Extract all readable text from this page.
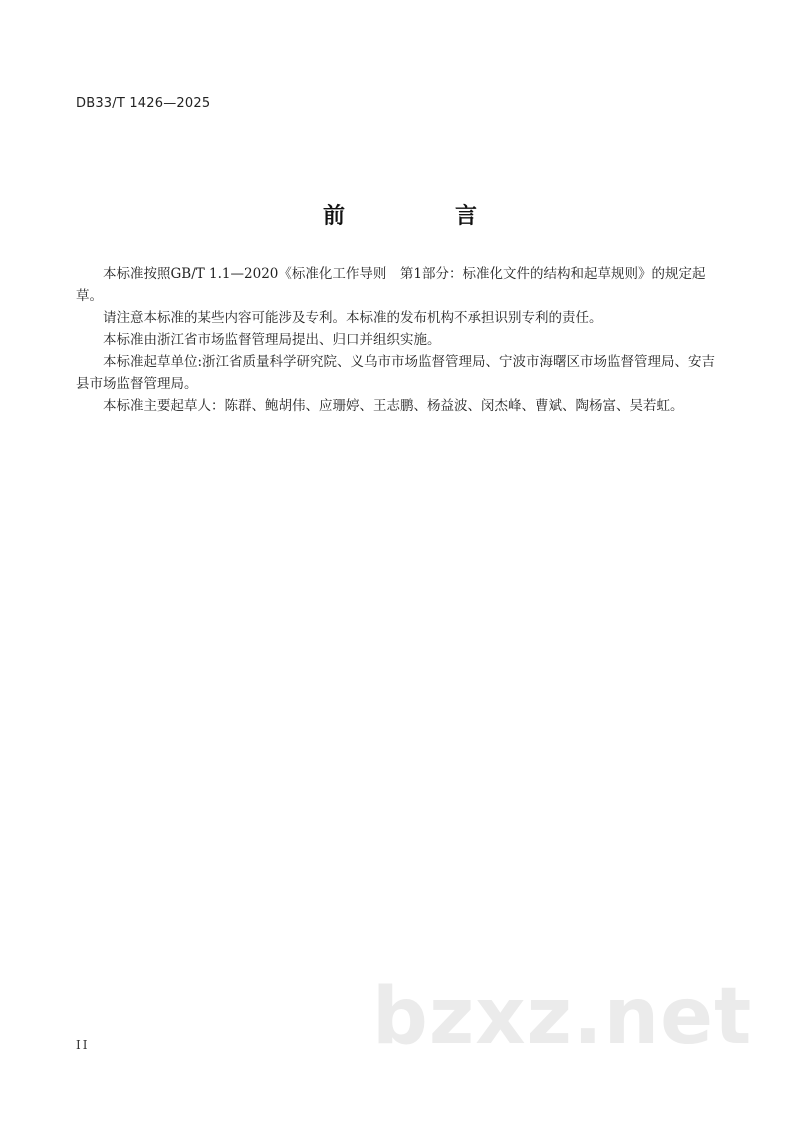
DB33/T 1426—2025
前　言

本标准按照GB/T 1.1—2020《标准化工作导则　第1部分：标准化文件的结构和起草规则》的规定起草。

请注意本标准的某些内容可能涉及专利。本标准的发布机构不承担识别专利的责任。

本标准由浙江省市场监督管理局提出、归口并组织实施。

本标准起草单位:浙江省质量科学研究院、义乌市市场监督管理局、宁波市海曙区市场监督管理局、安吉县市场监督管理局。

本标准主要起草人：陈群、鲍胡伟、应珊婷、王志鹏、杨益波、闵杰峰、曹斌、陶杨富、吴若虹。

II	bzxz.net
